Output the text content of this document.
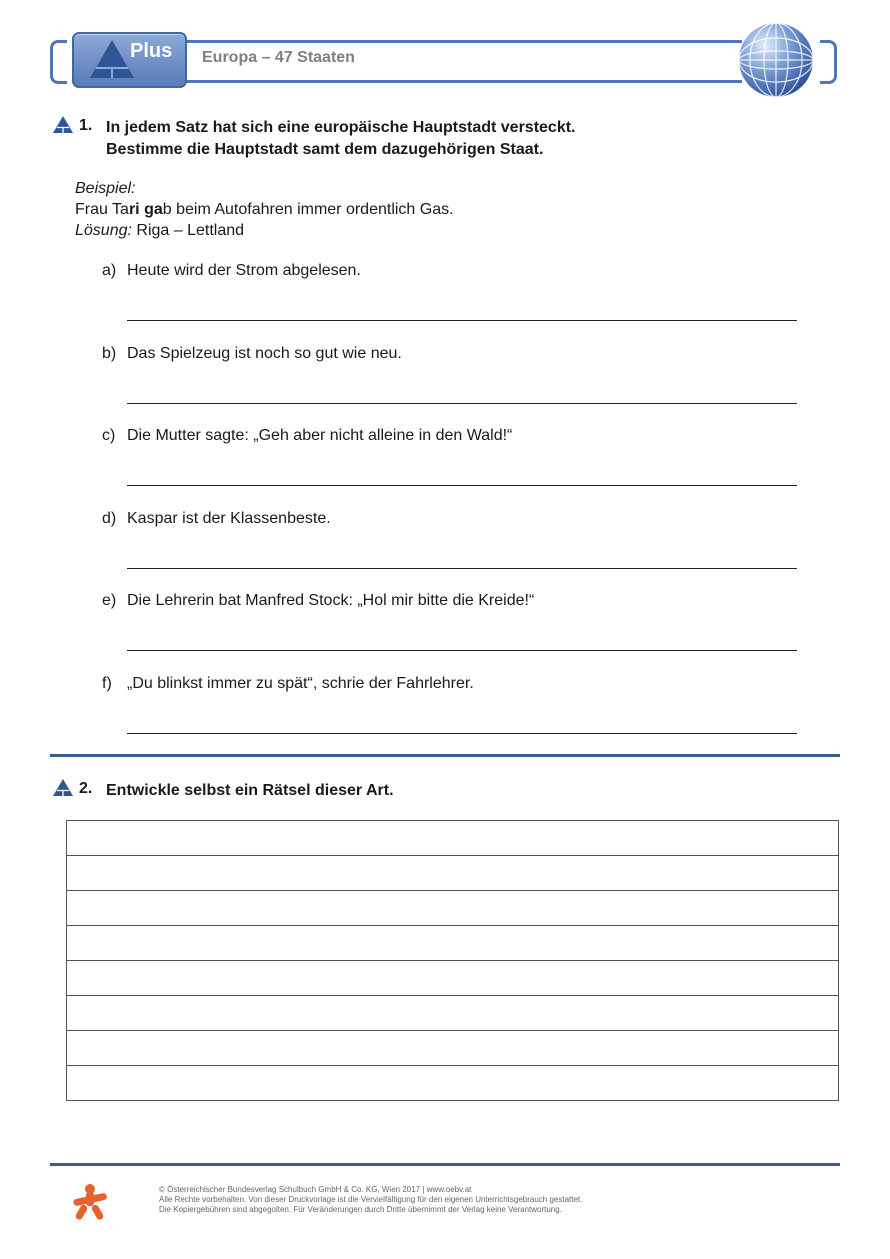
Plus Europa – 47 Staaten
1. In jedem Satz hat sich eine europäische Hauptstadt versteckt.
Bestimme die Hauptstadt samt dem dazugehörigen Staat.
Beispiel:
Frau Tari gab beim Autofahren immer ordentlich Gas.
Lösung: Riga – Lettland
a) Heute wird der Strom abgelesen.
b) Das Spielzeug ist noch so gut wie neu.
c) Die Mutter sagte: „Geh aber nicht alleine in den Wald!“
d) Kaspar ist der Klassenbeste.
e) Die Lehrerin bat Manfred Stock: „Hol mir bitte die Kreide!“
f) „Du blinkst immer zu spät“, schrie der Fahrlehrer.
2. Entwickle selbst ein Rätsel dieser Art.
© Österreichischer Bundesverlag Schulbuch GmbH & Co. KG, Wien 2017 | www.oebv.at
Alle Rechte vorbehalten. Von dieser Druckvorlage ist die Vervielfältigung für den eigenen Unterrichtsgebrauch gestattet.
Die Kopiergebühren sind abgegolten. Für Veränderungen durch Dritte übernimmt der Verlag keine Verantwortung.
